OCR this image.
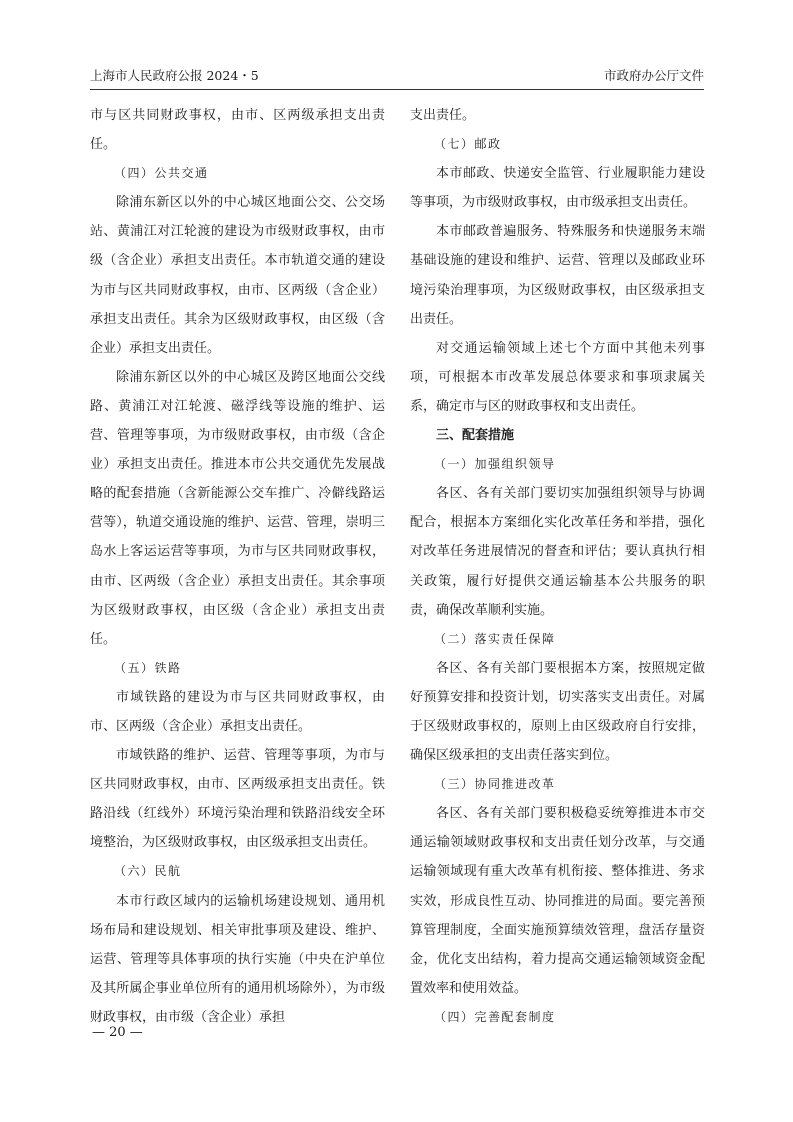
上海市人民政府公报 2024・5	市政府办公厅文件

市与区共同财政事权，由市、区两级承担支出责任。

（四）公共交通

除浦东新区以外的中心城区地面公交、公交场站、黄浦江对江轮渡的建设为市级财政事权，由市级（含企业）承担支出责任。本市轨道交通的建设为市与区共同财政事权，由市、区两级（含企业）承担支出责任。其余为区级财政事权，由区级（含企业）承担支出责任。

除浦东新区以外的中心城区及跨区地面公交线路、黄浦江对江轮渡、磁浮线等设施的维护、运营、管理等事项，为市级财政事权，由市级（含企业）承担支出责任。推进本市公共交通优先发展战略的配套措施（含新能源公交车推广、冷僻线路运营等），轨道交通设施的维护、运营、管理，崇明三岛水上客运运营等事项，为市与区共同财政事权，由市、区两级（含企业）承担支出责任。其余事项为区级财政事权，由区级（含企业）承担支出责任。

（五）铁路

市域铁路的建设为市与区共同财政事权，由市、区两级（含企业）承担支出责任。

市域铁路的维护、运营、管理等事项，为市与区共同财政事权，由市、区两级承担支出责任。铁路沿线（红线外）环境污染治理和铁路沿线安全环境整治，为区级财政事权，由区级承担支出责任。

（六）民航

本市行政区域内的运输机场建设规划、通用机场布局和建设规划、相关审批事项及建设、维护、运营、管理等具体事项的执行实施（中央在沪单位及其所属企事业单位所有的通用机场除外），为市级财政事权，由市级（含企业）承担

支出责任。

（七）邮政

本市邮政、快递安全监管、行业履职能力建设等事项，为市级财政事权，由市级承担支出责任。

本市邮政普遍服务、特殊服务和快递服务末端基础设施的建设和维护、运营、管理以及邮政业环境污染治理事项，为区级财政事权，由区级承担支出责任。

对交通运输领域上述七个方面中其他未列事项，可根据本市改革发展总体要求和事项隶属关系，确定市与区的财政事权和支出责任。

三、配套措施

（一）加强组织领导

各区、各有关部门要切实加强组织领导与协调配合，根据本方案细化实化改革任务和举措，强化对改革任务进展情况的督查和评估；要认真执行相关政策，履行好提供交通运输基本公共服务的职责，确保改革顺利实施。

（二）落实责任保障

各区、各有关部门要根据本方案，按照规定做好预算安排和投资计划，切实落实支出责任。对属于区级财政事权的，原则上由区级政府自行安排，确保区级承担的支出责任落实到位。

（三）协同推进改革

各区、各有关部门要积极稳妥统筹推进本市交通运输领域财政事权和支出责任划分改革，与交通运输领域现有重大改革有机衔接、整体推进、务求实效，形成良性互动、协同推进的局面。要完善预算管理制度，全面实施预算绩效管理，盘活存量资金，优化支出结构，着力提高交通运输领域资金配置效率和使用效益。

（四）完善配套制度

— 20 —
